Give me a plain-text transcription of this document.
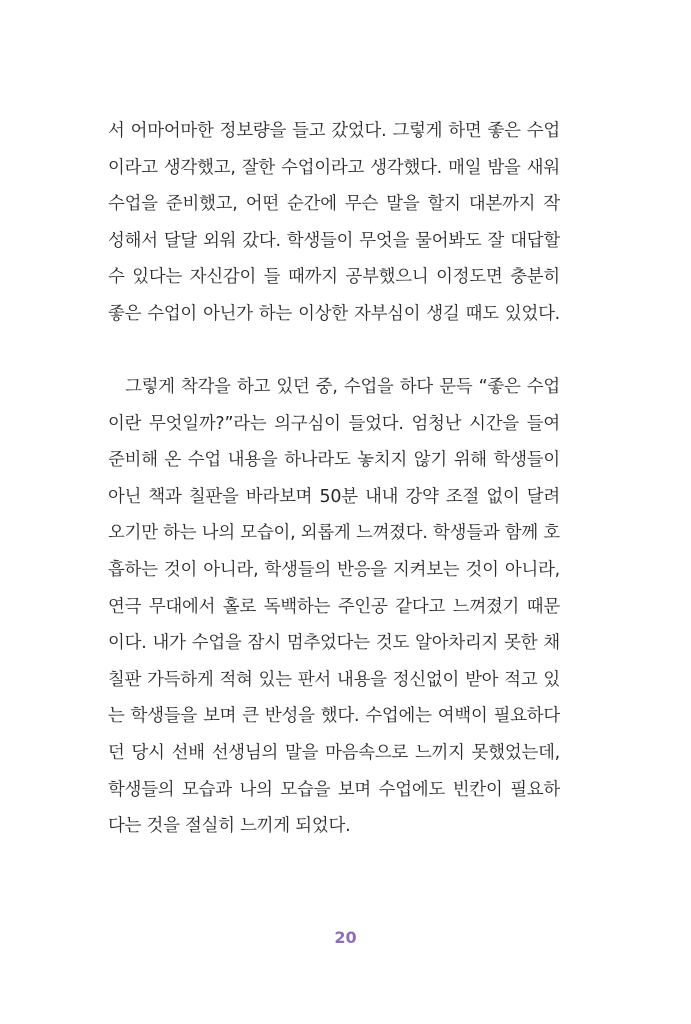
서 어마어마한 정보량을 들고 갔었다. 그렇게 하면 좋은 수업
이라고 생각했고, 잘한 수업이라고 생각했다. 매일 밤을 새워
수업을 준비했고, 어떤 순간에 무슨 말을 할지 대본까지 작
성해서 달달 외워 갔다. 학생들이 무엇을 물어봐도 잘 대답할
수 있다는 자신감이 들 때까지 공부했으니 이정도면 충분히
좋은 수업이 아닌가 하는 이상한 자부심이 생길 때도 있었다.
그렇게 착각을 하고 있던 중, 수업을 하다 문득 “좋은 수업
이란 무엇일까?”라는 의구심이 들었다. 엄청난 시간을 들여
준비해 온 수업 내용을 하나라도 놓치지 않기 위해 학생들이
아닌 책과 칠판을 바라보며 50분 내내 강약 조절 없이 달려
오기만 하는 나의 모습이, 외롭게 느껴졌다. 학생들과 함께 호
흡하는 것이 아니라, 학생들의 반응을 지켜보는 것이 아니라,
연극 무대에서 홀로 독백하는 주인공 같다고 느껴졌기 때문
이다. 내가 수업을 잠시 멈추었다는 것도 알아차리지 못한 채
칠판 가득하게 적혀 있는 판서 내용을 정신없이 받아 적고 있
는 학생들을 보며 큰 반성을 했다. 수업에는 여백이 필요하다
던 당시 선배 선생님의 말을 마음속으로 느끼지 못했었는데,
학생들의 모습과 나의 모습을 보며 수업에도 빈칸이 필요하
다는 것을 절실히 느끼게 되었다.
20
